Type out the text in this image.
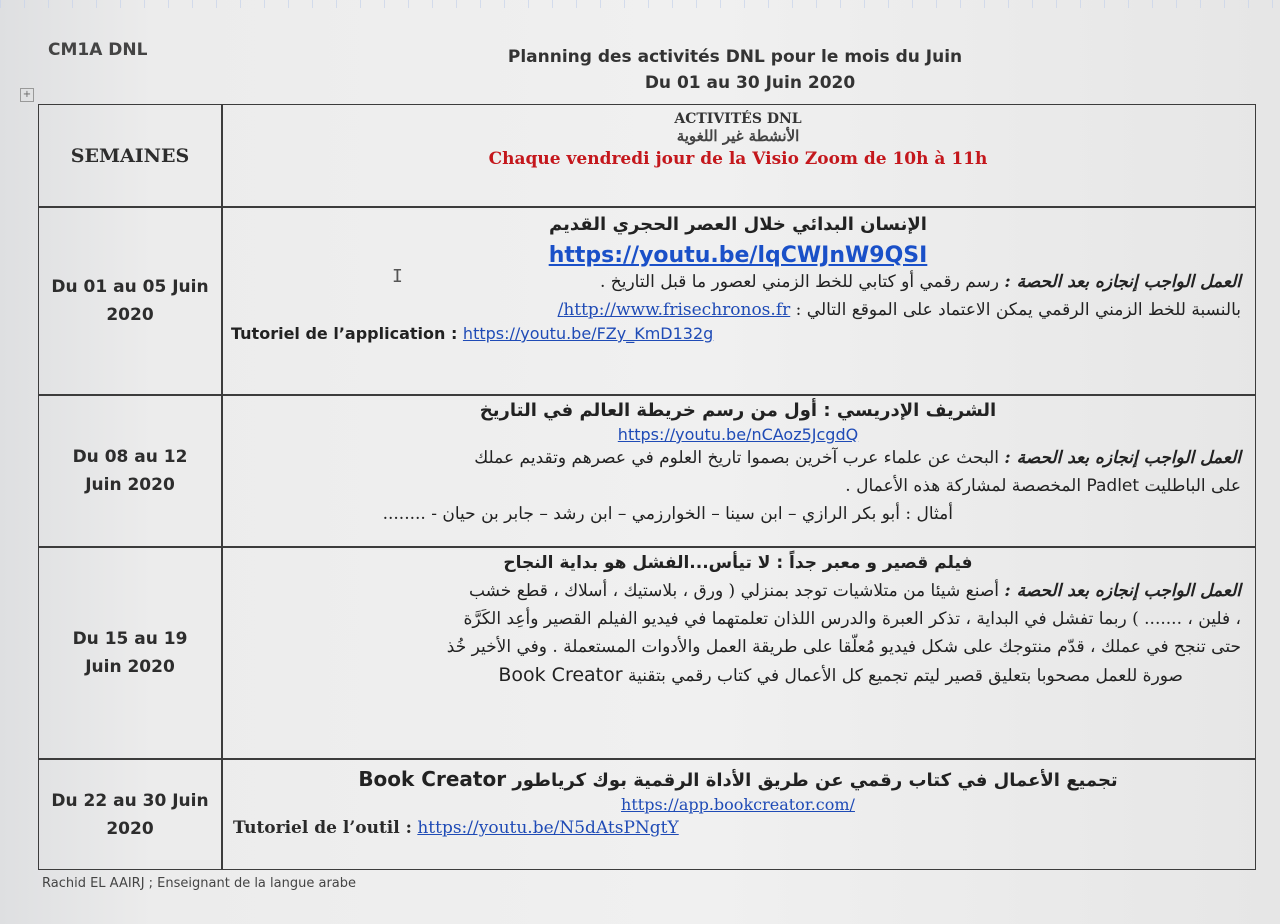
CM1A DNL	Planning des activités DNL pour le mois du Juin
Du 01 au 30 Juin 2020
+
SEMAINES
ACTIVITÉS DNL
الأنشطة غير اللغوية
Chaque vendredi jour de la Visio Zoom de 10h à 11h
Du 01 au 05 Juin
2020
الإنسان البدائي خلال العصر الحجري القديم
https://youtu.be/lqCWJnW9QSI
العمل الواجب إنجازه بعد الحصة : رسم رقمي أو كتابي للخط الزمني لعصور ما قبل التاريخ .
بالنسبة للخط الزمني الرقمي يمكن الاعتماد على الموقع التالي : http://www.frisechronos.fr/
Tutoriel de l’application : https://youtu.be/FZy_KmD132g
Du 08 au 12
Juin 2020
الشريف الإدريسي : أول من رسم خريطة العالم في التاريخ
https://youtu.be/nCAoz5JcgdQ
العمل الواجب إنجازه بعد الحصة : البحث عن علماء عرب آخرين بصموا تاريخ العلوم في عصرهم وتقديم عملك
على الباطليت Padlet المخصصة لمشاركة هذه الأعمال .
أمثال : أبو بكر الرازي – ابن سينا – الخوارزمي – ابن رشد – جابر بن حيان - ........
Du 15 au 19
Juin 2020
فيلم قصير و معبر جداً : لا تيأس...الفشل هو بداية النجاح
العمل الواجب إنجازه بعد الحصة : أصنع شيئا من متلاشيات توجد بمنزلي ( ورق ، بلاستيك ، أسلاك ، قطع خشب
، فلين ، ....... ) ربما تفشل في البداية ، تذكر العبرة والدرس اللذان تعلمتهما في فيديو الفيلم القصير وأعِد الكَرَّة
حتى تنجح في عملك ، قدّم منتوجك على شكل فيديو مُعلّقا على طريقة العمل والأدوات المستعملة . وفي الأخير خُذ
صورة للعمل مصحوبا بتعليق قصير ليتم تجميع كل الأعمال في كتاب رقمي بتقنية Book Creator
Du 22 au 30 Juin
2020
تجميع الأعمال في كتاب رقمي عن طريق الأداة الرقمية بوك كرياطور Book Creator
https://app.bookcreator.com/
Tutoriel de l’outil : https://youtu.be/N5dAtsPNgtY
I
Rachid EL AAIRJ ; Enseignant de la langue arabe
